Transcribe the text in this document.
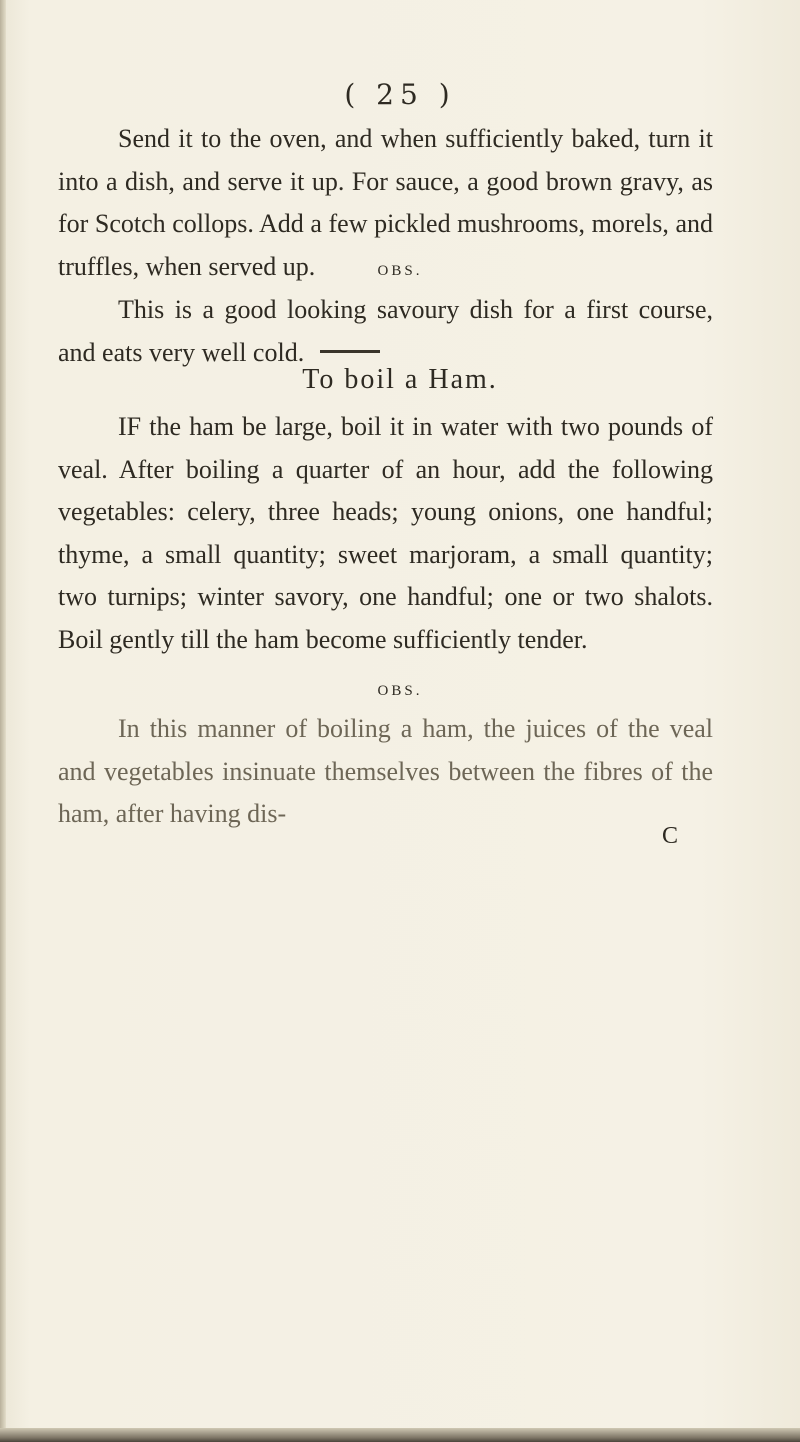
( 25 )

Send it to the oven, and when sufficiently baked, turn it into a dish, and serve it up. For sauce, a good brown gravy, as for Scotch collops. Add a few pickled mushrooms, morels, and truffles, when served up.	OBS.

This is a good looking savoury dish for a first course, and eats very well cold.

To boil a Ham.

IF the ham be large, boil it in water with two pounds of veal. After boiling a quarter of an hour, add the following vegetables: celery, three heads; young onions, one handful; thyme, a small quantity; sweet marjoram, a small quantity; two turnips; winter savory, one handful; one or two shalots. Boil gently till the ham become sufficiently tender.

OBS.

In this manner of boiling a ham, the juices of the veal and vegetables insinuate themselves between the fibres of the ham, after having dis-

C
